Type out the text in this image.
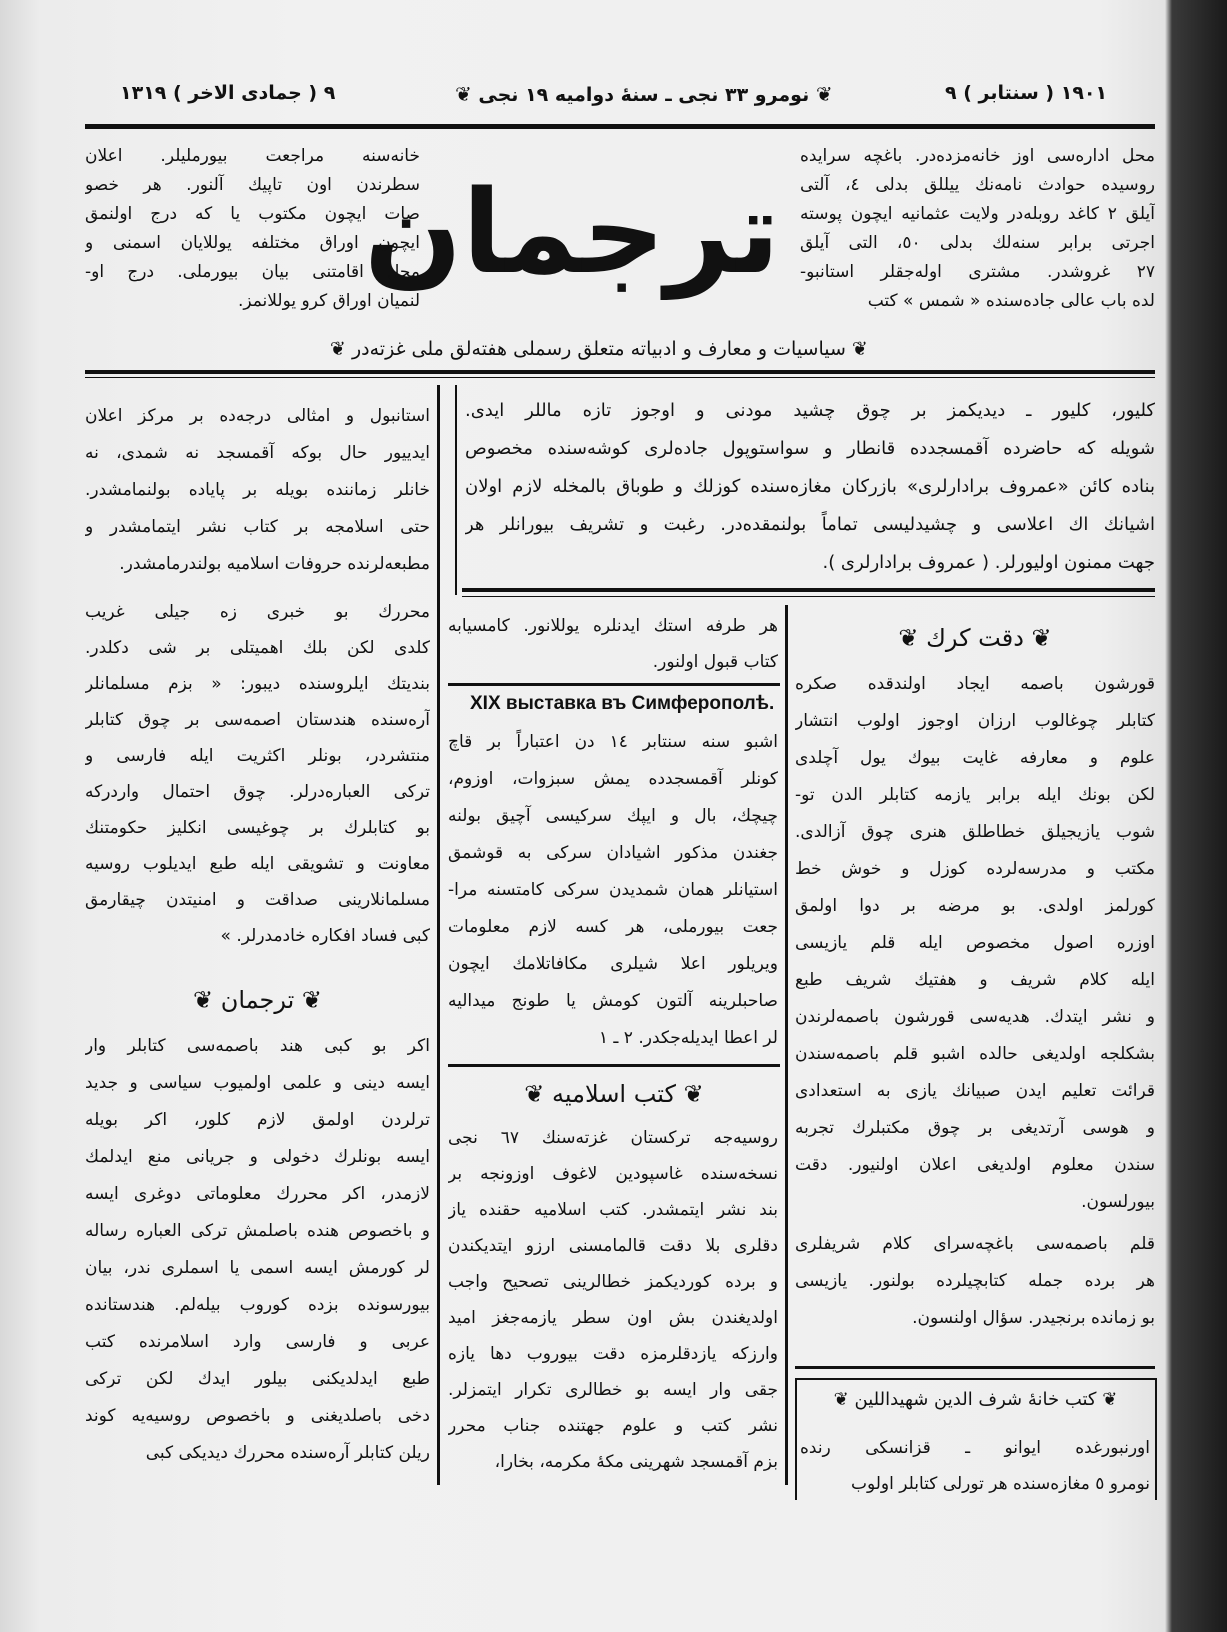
٩ ( جمادی الاخر ) ١٣١٩	❦ نومرو ٣٣ نجی ـ سنهٔ دوامیه ١٩ نجی ❦	١٩٠١ ( سنتابر ) ٩
محل ادارەسی اوز خانەمزدەدر. باغچه سرایده
روسیده حوادث نامەنك ییللق بدلی ٤، آلتی
آیلق ٢ کاغد روبلەدر ولایت عثمانیه ایچون پوسته
اجرتی برابر سنەلك بدلی ٥٠، التی آیلق
٢٧ غروشدر. مشتری اولەجقلر استانبو-
لده باب عالی جادەسنده « شمس » کتب
ترجمان
خانەسنه مراجعت بیورملیلر. اعلان
سطرندن اون تاپیك آلنور. هر خصو
صات ایچون مکتوب یا که درج اولنمق
ایچون اوراق مختلفه یوللایان اسمنی و
محل اقامتنی بیان بیورملی. درج او-
لنمیان اوراق کرو یوللانمز.
❦ سیاسیات و معارف و ادبیاته متعلق رسملی هفتەلق ملی غزتەدر ❦
کلیور، کلیور ـ دیدیکمز بر چوق چشید مودنی و اوجوز تازه ماللر ایدی.
شویله که حاضرده آقمسجدده قانطار و سواستوپول جادەلری کوشەسنده مخصوص
بناده کائن «عمروف برادارلری» بازرکان مغازەسنده کوزلك و طوباق بالمخله لازم اولان
اشیانك اك اعلاسی و چشیدلیسی تماماً بولنمقدەدر. رغبت و تشریف بیورانلر هر
جهت ممنون اولیورلر. ( عمروف برادارلری ).
استانبول و امثالی درجەده بر مرکز اعلان
ایدییور حال بوکه آقمسجد نه شمدی، نه
خانلر زماننده بویله بر پایاده بولنمامشدر.
حتی اسلامجه بر کتاب نشر ایتمامشدر و
مطبعەلرنده حروفات اسلامیه بولندرمامشدر.
محررك بو خبری زه جیلی غریب
کلدی لکن بلك اهمیتلی بر شی دکلدر.
بندیتك ایلروسنده دیبور: « بزم مسلمانلر
آرەسنده هندستان اصمەسی بر چوق کتابلر
منتشردر، بونلر اکثریت ایله فارسی و
ترکی العبارەدرلر. چوق احتمال واردرکه
بو کتابلرك بر چوغیسی انکلیز حکومتنك
معاونت و تشویقی ایله طبع ایدیلوب روسیه
مسلمانلارینی صداقت و امنیتدن چیقارمق
کبی فساد افکاره خادمدرلر. »
❦ ترجمان ❦
اکر بو کبی هند باصمەسی کتابلر وار
ایسه دینی و علمی اولمیوب سیاسی و جدید
ترلردن اولمق لازم کلور، اکر بویله
ایسه بونلرك دخولی و جریانی منع ایدلمك
لازمدر، اکر محررك معلوماتی دوغری ایسه
و باخصوص هنده باصلمش ترکی العبارە رساله
لر کورمش ایسه اسمی یا اسملری ندر، بیان
بیورسونده بزده کوروب بیلەلم. هندستانده
عربی و فارسی وارد اسلامرنده کتب
طبع ایدلدیکنی بیلور ایدك لکن ترکی
دخی باصلدیغنی و باخصوص روسیەیه کوند
ریلن کتابلر آرەسنده محررك دیدیکی کبی
هر طرفه استك ایدنلره یوللانور. کامسیابه
کتاب قبول اولنور.
XIX выставка въ Симферополѣ.
اشبو سنه سنتابر ١٤ دن اعتباراً بر قاچ
کونلر آقمسجدده یمش سبزوات، اوزوم،
چیچك، بال و ایپك سرکیسی آچیق بولنه
جغندن مذکور اشیادان سرکی به قوشمق
استیانلر همان شمدیدن سرکی کامتسنه مرا-
جعت بیورملی، هر کسه لازم معلومات
ویریلور اعلا شیلری مکافاتلامك ایچون
صاحبلرینه آلتون کومش یا طونج میدالیه
لر اعطا ایدیلەجکدر. ٢ ـ ١
❦ کتب اسلامیه ❦
روسیەجه ترکستان غزتەسنك ٦٧ نجی
نسخەسنده غاسپودین لاغوف اوزونجه بر
بند نشر ایتمشدر. کتب اسلامیه حقنده یاز
دقلری بلا دقت قالمامسنی ارزو ایتدیکندن
و برده کوردیکمز خطالرینی تصحیح واجب
اولدیغندن بش اون سطر یازمەجغز امید
وارزکه یازدقلرمزه دقت بیوروب دها یازه
جقی وار ایسه بو خطالری تکرار ایتمزلر.
نشر کتب و علوم جهتنده جناب محرر
بزم آقمسجد شهرینی مکهٔ مکرمه، بخارا،
❦ دقت کرك ❦
قورشون باصمه ایجاد اولندقده صکره
کتابلر چوغالوب ارزان اوجوز اولوب انتشار
علوم و معارفه غایت بیوك یول آچلدی
لکن بونك ایله برابر یازمه کتابلر الدن تو-
شوب یازیجیلق خطاطلق هنری چوق آزالدی.
مکتب و مدرسەلرده کوزل و خوش خط
کورلمز اولدی. بو مرضه بر دوا اولمق
اوزره اصول مخصوص ایله قلم یازیسی
ایله کلام شریف و هفتیك شریف طبع
و نشر ایتدك. هدیەسی قورشون باصمەلرندن
بشکلجه اولدیغی حالده اشبو قلم باصمەسندن
قرائت تعلیم ایدن صبیانك یازی به استعدادی
و هوسی آرتدیغی بر چوق مکتبلرك تجربه
سندن معلوم اولدیغی اعلان اولنیور. دقت
بیورلسون.
قلم باصمەسی باغچەسرای کلام شریفلری
هر برده جمله کتابچیلرده بولنور. یازیسی
بو زمانده برنجیدر. سؤال اولنسون.
❦ کتب خانهٔ شرف الدین شهیداللین ❦
اورنبورغده ایوانو ـ قزانسکی رنده
نومرو ٥ مغازەسنده هر تورلی کتابلر اولوب
